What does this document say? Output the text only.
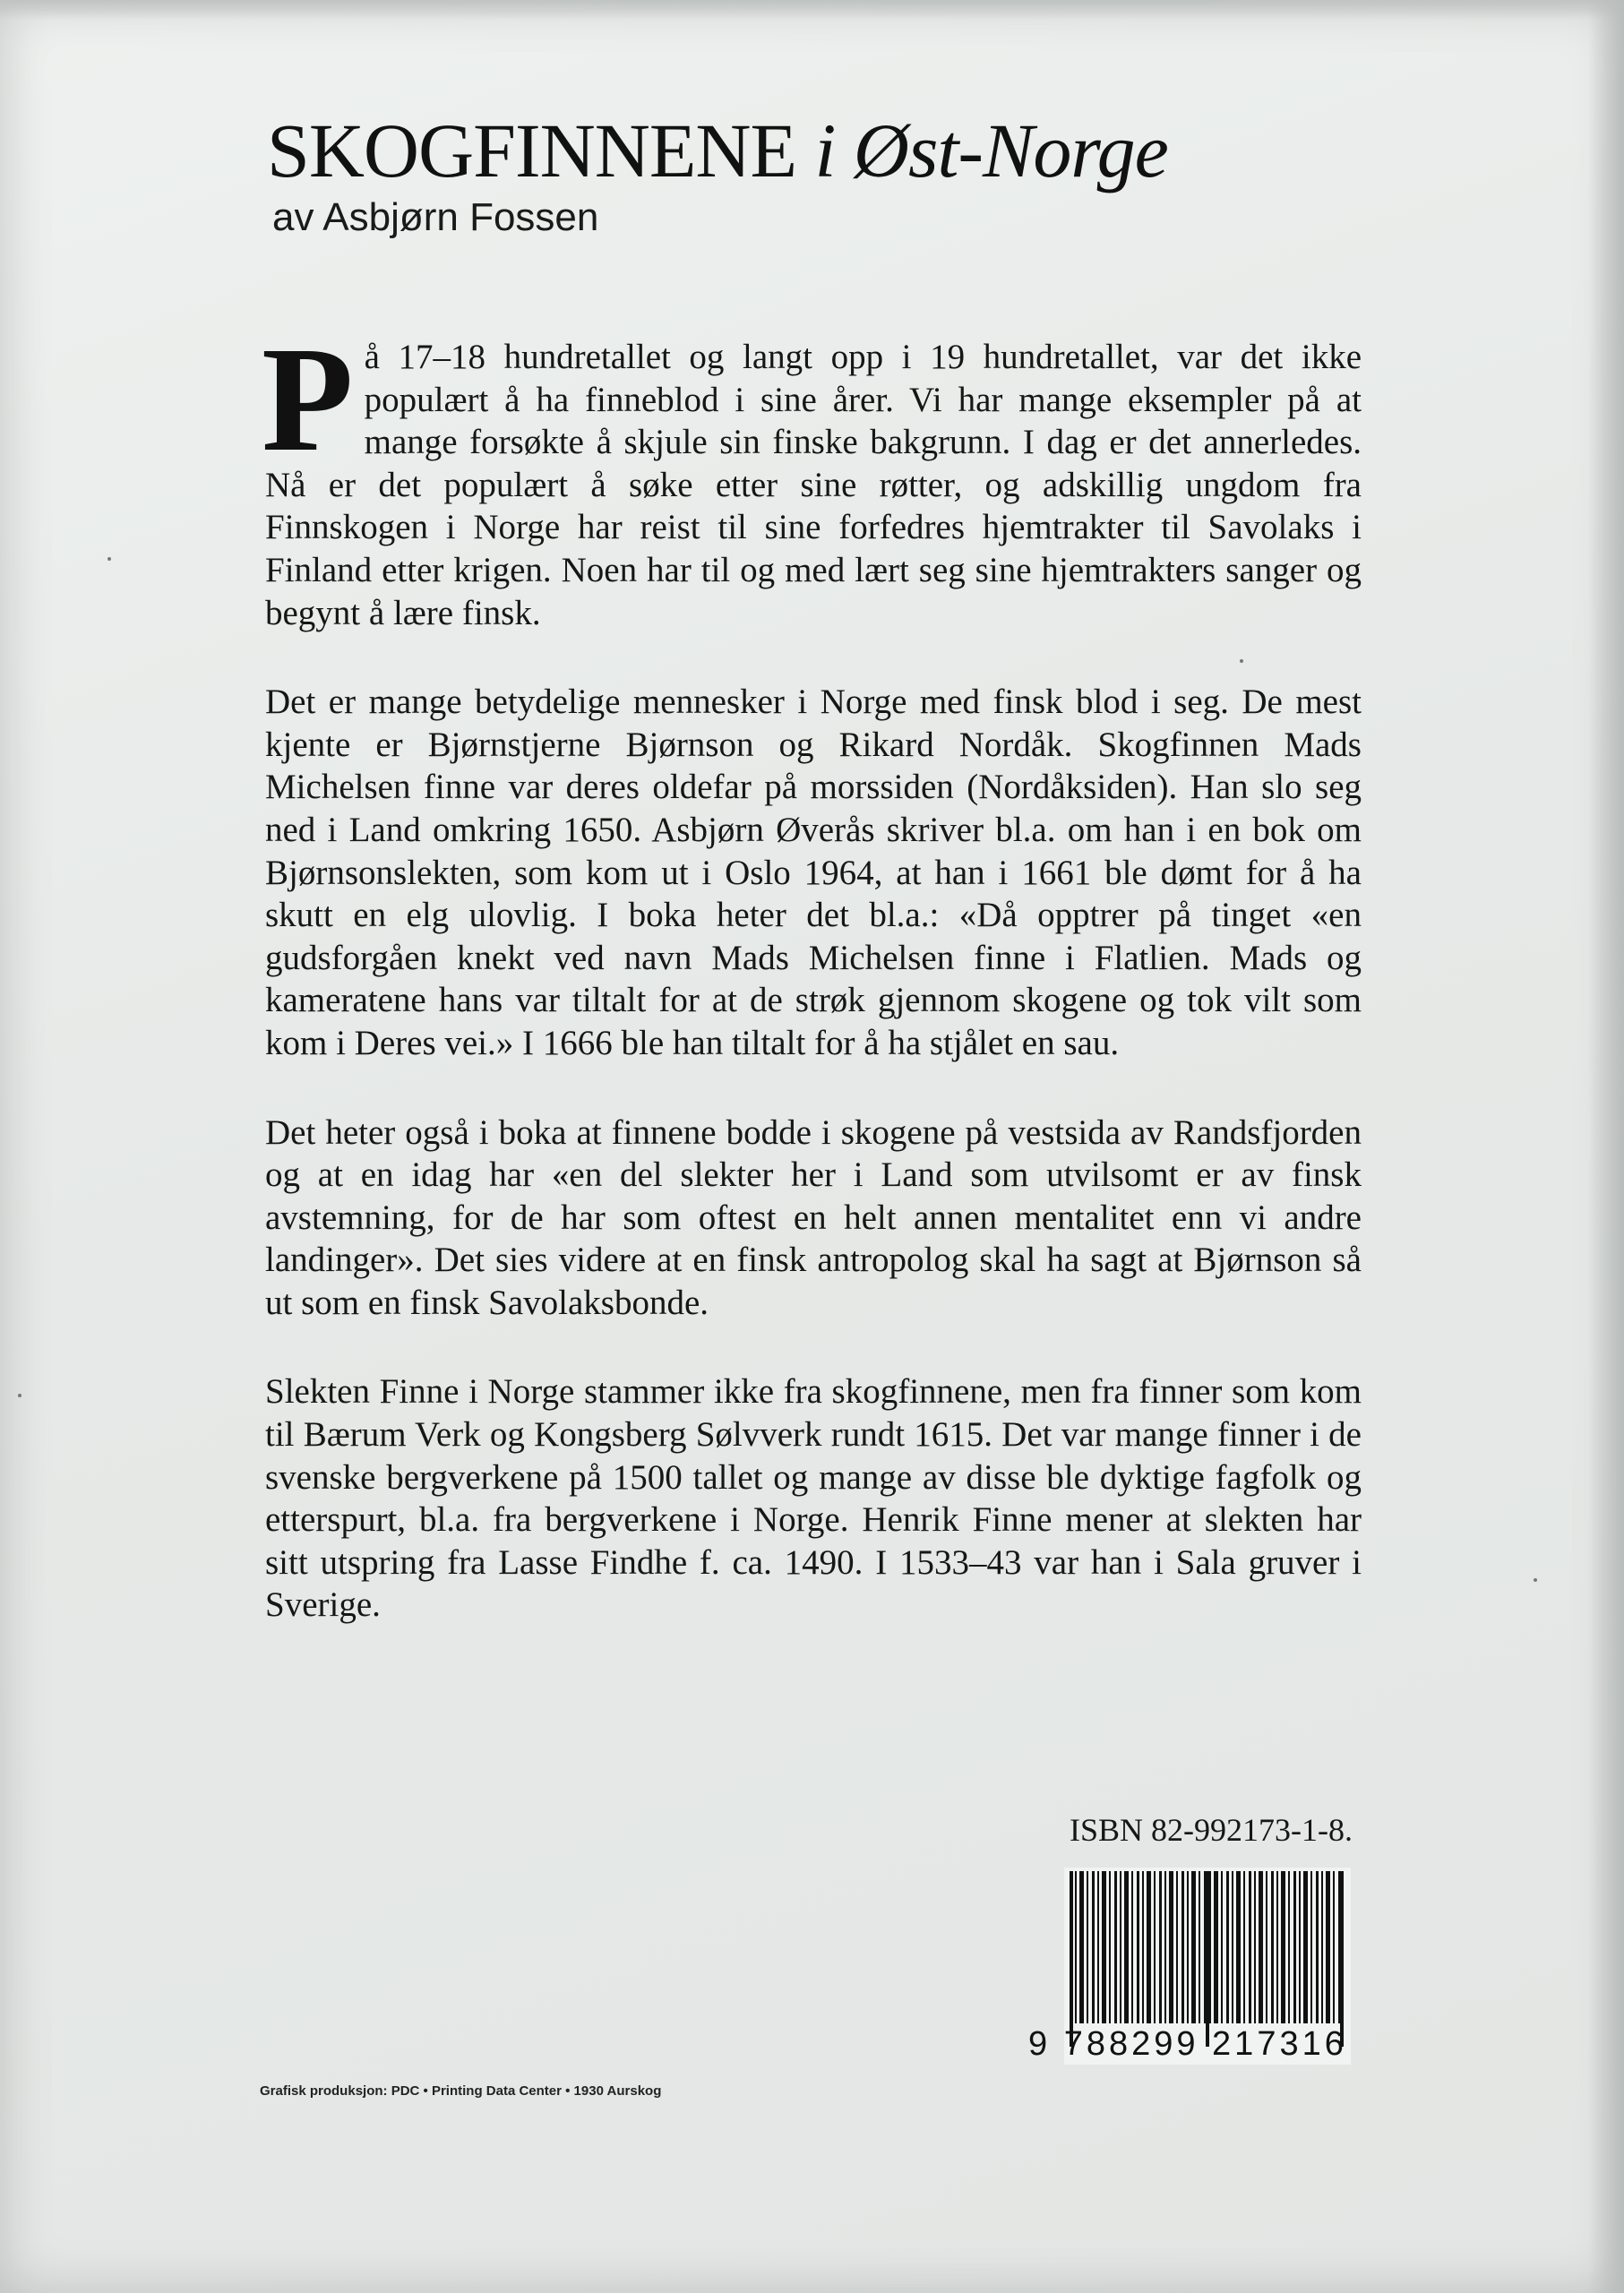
SKOGFINNENE i Øst-Norge
av Asbjørn Fossen

På 17–18 hundretallet og langt opp i 19 hundretallet, var det ikke populært å ha finneblod i sine årer. Vi har mange eksempler på at mange forsøkte å skjule sin finske bakgrunn. I dag er det annerledes. Nå er det populært å søke etter sine røtter, og adskillig ungdom fra Finnskogen i Norge har reist til sine forfedres hjemtrakter til Savolaks i Finland etter krigen. Noen har til og med lært seg sine hjemtrakters sanger og begynt å lære finsk.

Det er mange betydelige mennesker i Norge med finsk blod i seg. De mest kjente er Bjørnstjerne Bjørnson og Rikard Nordåk. Skogfinnen Mads Michelsen finne var deres oldefar på morssiden (Nordåksiden). Han slo seg ned i Land omkring 1650. Asbjørn Øverås skriver bl.a. om han i en bok om Bjørnsonslekten, som kom ut i Oslo 1964, at han i 1661 ble dømt for å ha skutt en elg ulovlig. I boka heter det bl.a.: «Då opptrer på tinget «en gudsforgåen knekt ved navn Mads Michelsen finne i Flatlien. Mads og kameratene hans var tiltalt for at de strøk gjennom skogene og tok vilt som kom i Deres vei.» I 1666 ble han tiltalt for å ha stjålet en sau.

Det heter også i boka at finnene bodde i skogene på vestsida av Randsfjorden og at en idag har «en del slekter her i Land som utvilsomt er av finsk avstemning, for de har som oftest en helt annen mentalitet enn vi andre landinger». Det sies videre at en finsk antropolog skal ha sagt at Bjørnson så ut som en finsk Savolaksbonde.

Slekten Finne i Norge stammer ikke fra skogfinnene, men fra finner som kom til Bærum Verk og Kongsberg Sølvverk rundt 1615. Det var mange finner i de svenske bergverkene på 1500 tallet og mange av disse ble dyktige fagfolk og etterspurt, bl.a. fra bergverkene i Norge. Henrik Finne mener at slekten har sitt utspring fra Lasse Findhe f. ca. 1490. I 1533–43 var han i Sala gruver i Sverige.

ISBN 82-992173-1-8.
9 788299 217316
Grafisk produksjon: PDC • Printing Data Center • 1930 Aurskog
